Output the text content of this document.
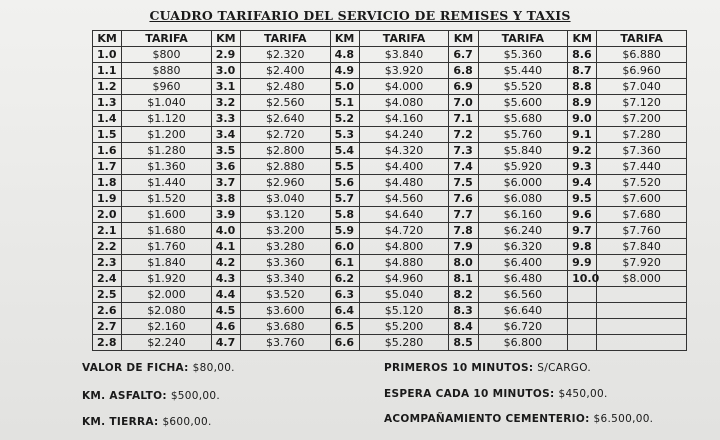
CUADRO TARIFARIO DEL SERVICIO DE REMISES Y TAXIS
KM	TARIFA	KM	TARIFA	KM	TARIFA	KM	TARIFA	KM	TARIFA
1.0	$800	2.9	$2.320	4.8	$3.840	6.7	$5.360	8.6	$6.880
1.1	$880	3.0	$2.400	4.9	$3.920	6.8	$5.440	8.7	$6.960
1.2	$960	3.1	$2.480	5.0	$4.000	6.9	$5.520	8.8	$7.040
1.3	$1.040	3.2	$2.560	5.1	$4.080	7.0	$5.600	8.9	$7.120
1.4	$1.120	3.3	$2.640	5.2	$4.160	7.1	$5.680	9.0	$7.200
1.5	$1.200	3.4	$2.720	5.3	$4.240	7.2	$5.760	9.1	$7.280
1.6	$1.280	3.5	$2.800	5.4	$4.320	7.3	$5.840	9.2	$7.360
1.7	$1.360	3.6	$2.880	5.5	$4.400	7.4	$5.920	9.3	$7.440
1.8	$1.440	3.7	$2.960	5.6	$4.480	7.5	$6.000	9.4	$7.520
1.9	$1.520	3.8	$3.040	5.7	$4.560	7.6	$6.080	9.5	$7.600
2.0	$1.600	3.9	$3.120	5.8	$4.640	7.7	$6.160	9.6	$7.680
2.1	$1.680	4.0	$3.200	5.9	$4.720	7.8	$6.240	9.7	$7.760
2.2	$1.760	4.1	$3.280	6.0	$4.800	7.9	$6.320	9.8	$7.840
2.3	$1.840	4.2	$3.360	6.1	$4.880	8.0	$6.400	9.9	$7.920
2.4	$1.920	4.3	$3.340	6.2	$4.960	8.1	$6.480	10.0	$8.000
2.5	$2.000	4.4	$3.520	6.3	$5.040	8.2	$6.560		
2.6	$2.080	4.5	$3.600	6.4	$5.120	8.3	$6.640		
2.7	$2.160	4.6	$3.680	6.5	$5.200	8.4	$6.720		
2.8	$2.240	4.7	$3.760	6.6	$5.280	8.5	$6.800		
VALOR DE FICHA: $80,00.
KM. ASFALTO: $500,00.
KM. TIERRA: $600,00.
PRIMEROS 10 MINUTOS: S/CARGO.
ESPERA CADA 10 MINUTOS: $450,00.
ACOMPAÑAMIENTO CEMENTERIO: $6.500,00.
